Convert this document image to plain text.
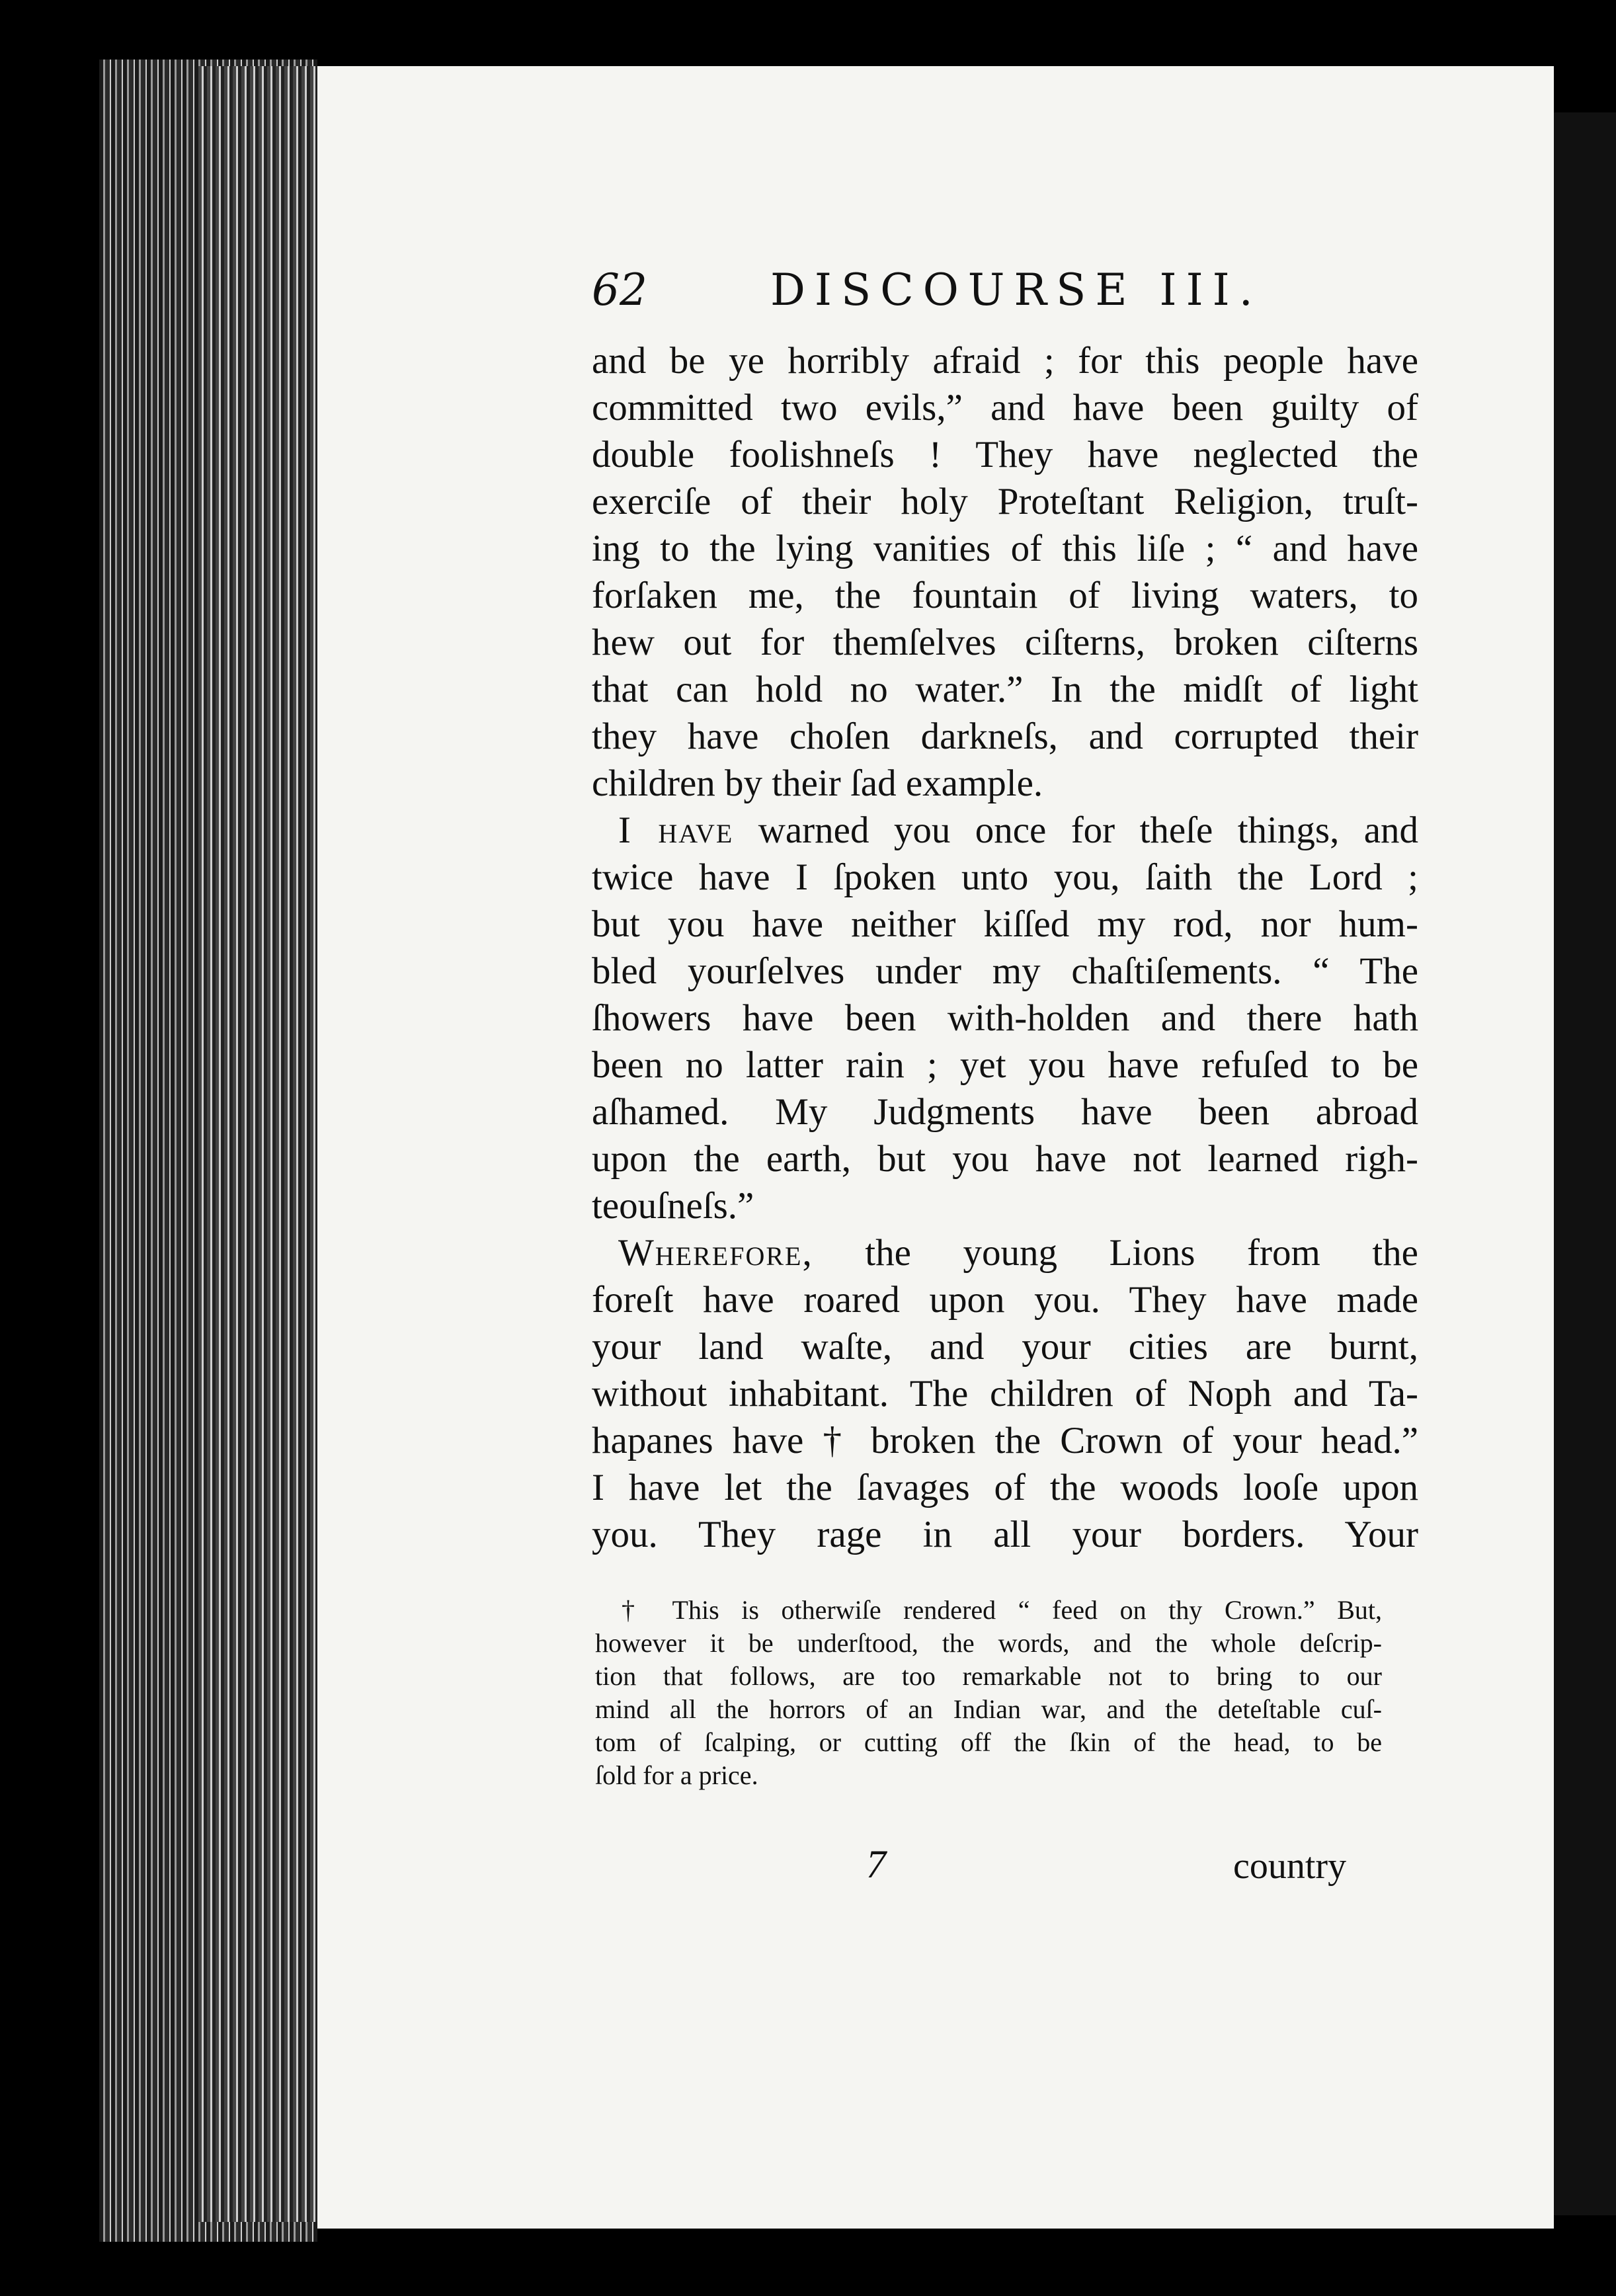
62	DISCOURSE III.
and be ye horribly afraid ; for this people have
committed two evils,” and have been guilty of
double foolishneſs ! They have neglected the
exerciſe of their holy Proteſtant Religion, truſt-
ing to the lying vanities of this liſe ; “ and have
forſaken me, the fountain of living waters, to
hew out for themſelves ciſterns, broken ciſterns
that can hold no water.” In the midſt of light
they have choſen darkneſs, and corrupted their
children by their ſad example.
I have warned you once for theſe things, and
twice have I ſpoken unto you, ſaith the Lord ;
but you have neither kiſſed my rod, nor hum-
bled yourſelves under my chaſtiſements. “ The
ſhowers have been with-holden and there hath
been no latter rain ; yet you have refuſed to be
aſhamed. My Judgments have been abroad
upon the earth, but you have not learned righ-
teouſneſs.”
Wherefore, the young Lions from the
foreſt have roared upon you. They have made
your land waſte, and your cities are burnt,
without inhabitant. The children of Noph and Ta-
hapanes have † broken the Crown of your head.”
I have let the ſavages of the woods looſe upon
you. They rage in all your borders. Your
† This is otherwiſe rendered “ feed on thy Crown.” But,
however it be underſtood, the words, and the whole deſcrip-
tion that follows, are too remarkable not to bring to our
mind all the horrors of an Indian war, and the deteſtable cuſ-
tom of ſcalping, or cutting off the ſkin of the head, to be
ſold for a price.
7	country
